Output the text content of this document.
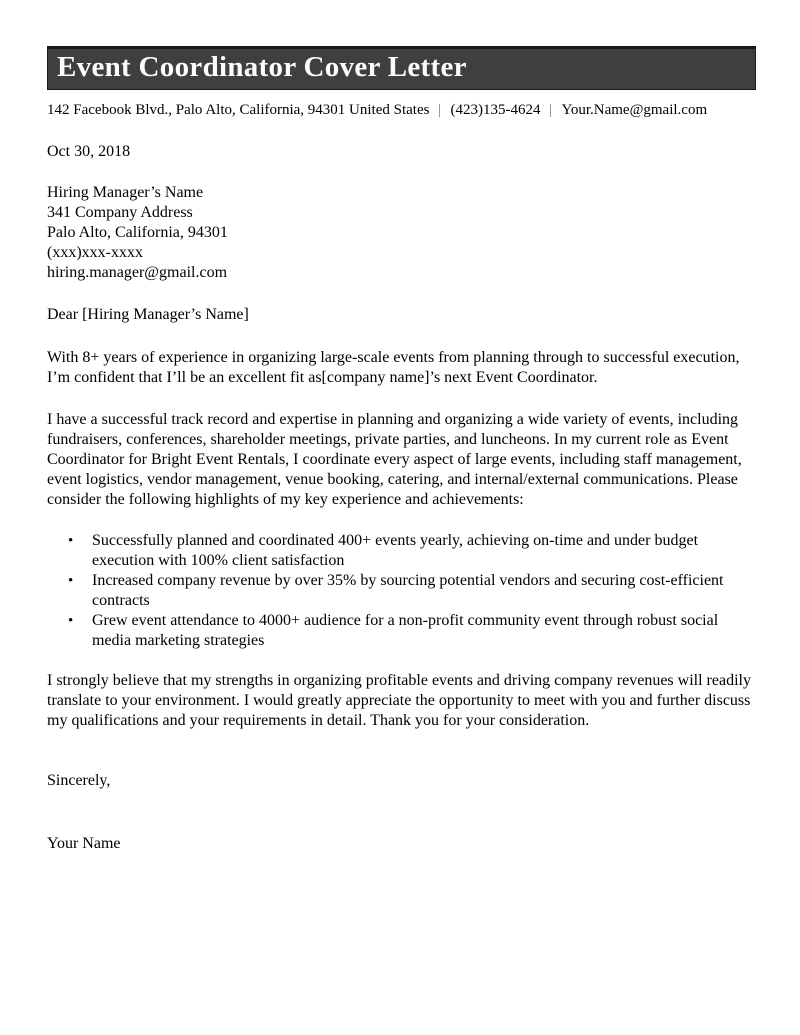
Event Coordinator Cover Letter
142 Facebook Blvd., Palo Alto, California, 94301 United States | (423)135-4624 | Your.Name@gmail.com

Oct 30, 2018

Hiring Manager’s Name
341 Company Address
Palo Alto, California, 94301
(xxx)xxx-xxxx
hiring.manager@gmail.com

Dear [Hiring Manager’s Name]

With 8+ years of experience in organizing large-scale events from planning through to successful execution, I’m confident that I’ll be an excellent fit as[company name]’s next Event Coordinator.

I have a successful track record and expertise in planning and organizing a wide variety of events, including fundraisers, conferences, shareholder meetings, private parties, and luncheons. In my current role as Event Coordinator for Bright Event Rentals, I coordinate every aspect of large events, including staff management, event logistics, vendor management, venue booking, catering, and internal/external communications. Please consider the following highlights of my key experience and achievements:

• Successfully planned and coordinated 400+ events yearly, achieving on-time and under budget execution with 100% client satisfaction
• Increased company revenue by over 35% by sourcing potential vendors and securing cost-efficient contracts
• Grew event attendance to 4000+ audience for a non-profit community event through robust social media marketing strategies

I strongly believe that my strengths in organizing profitable events and driving company revenues will readily translate to your environment. I would greatly appreciate the opportunity to meet with you and further discuss my qualifications and your requirements in detail. Thank you for your consideration.

Sincerely,

Your Name
